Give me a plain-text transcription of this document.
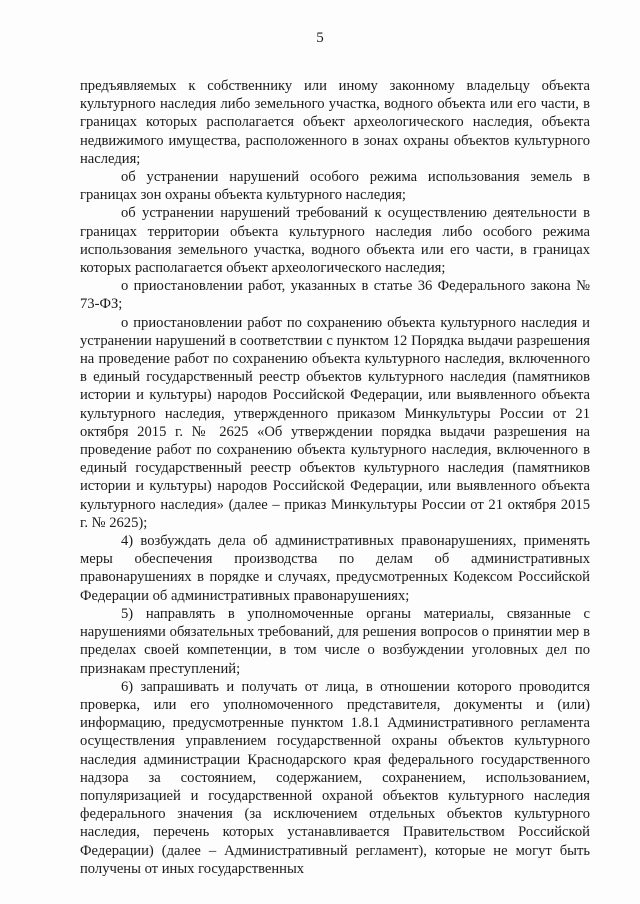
5

предъявляемых к собственнику или иному законному владельцу объекта культурного наследия либо земельного участка, водного объекта или его части, в границах которых располагается объект археологического наследия, объекта недвижимого имущества, расположенного в зонах охраны объектов культурного наследия;

об устранении нарушений особого режима использования земель в границах зон охраны объекта культурного наследия;

об устранении нарушений требований к осуществлению деятельности в границах территории объекта культурного наследия либо особого режима использования земельного участка, водного объекта или его части, в границах которых располагается объект археологического наследия;

о приостановлении работ, указанных в статье 36 Федерального закона № 73-ФЗ;

о приостановлении работ по сохранению объекта культурного наследия и устранении нарушений в соответствии с пунктом 12 Порядка выдачи разрешения на проведение работ по сохранению объекта культурного наследия, включенного в единый государственный реестр объектов культурного наследия (памятников истории и культуры) народов Российской Федерации, или выявленного объекта культурного наследия, утвержденного приказом Минкультуры России от 21 октября 2015 г. № 2625 «Об утверждении порядка выдачи разрешения на проведение работ по сохранению объекта культурного наследия, включенного в единый государственный реестр объектов культурного наследия (памятников истории и культуры) народов Российской Федерации, или выявленного объекта культурного наследия» (далее – приказ Минкультуры России от 21 октября 2015 г. № 2625);

4) возбуждать дела об административных правонарушениях, применять меры обеспечения производства по делам об административных правонарушениях в порядке и случаях, предусмотренных Кодексом Российской Федерации об административных правонарушениях;

5) направлять в уполномоченные органы материалы, связанные с нарушениями обязательных требований, для решения вопросов о принятии мер в пределах своей компетенции, в том числе о возбуждении уголовных дел по признакам преступлений;

6) запрашивать и получать от лица, в отношении которого проводится проверка, или его уполномоченного представителя, документы и (или) информацию, предусмотренные пунктом 1.8.1 Административного регламента осуществления управлением государственной охраны объектов культурного наследия администрации Краснодарского края федерального государственного надзора за состоянием, содержанием, сохранением, использованием, популяризацией и государственной охраной объектов культурного наследия федерального значения (за исключением отдельных объектов культурного наследия, перечень которых устанавливается Правительством Российской Федерации) (далее – Административный регламент), которые не могут быть получены от иных государственных
